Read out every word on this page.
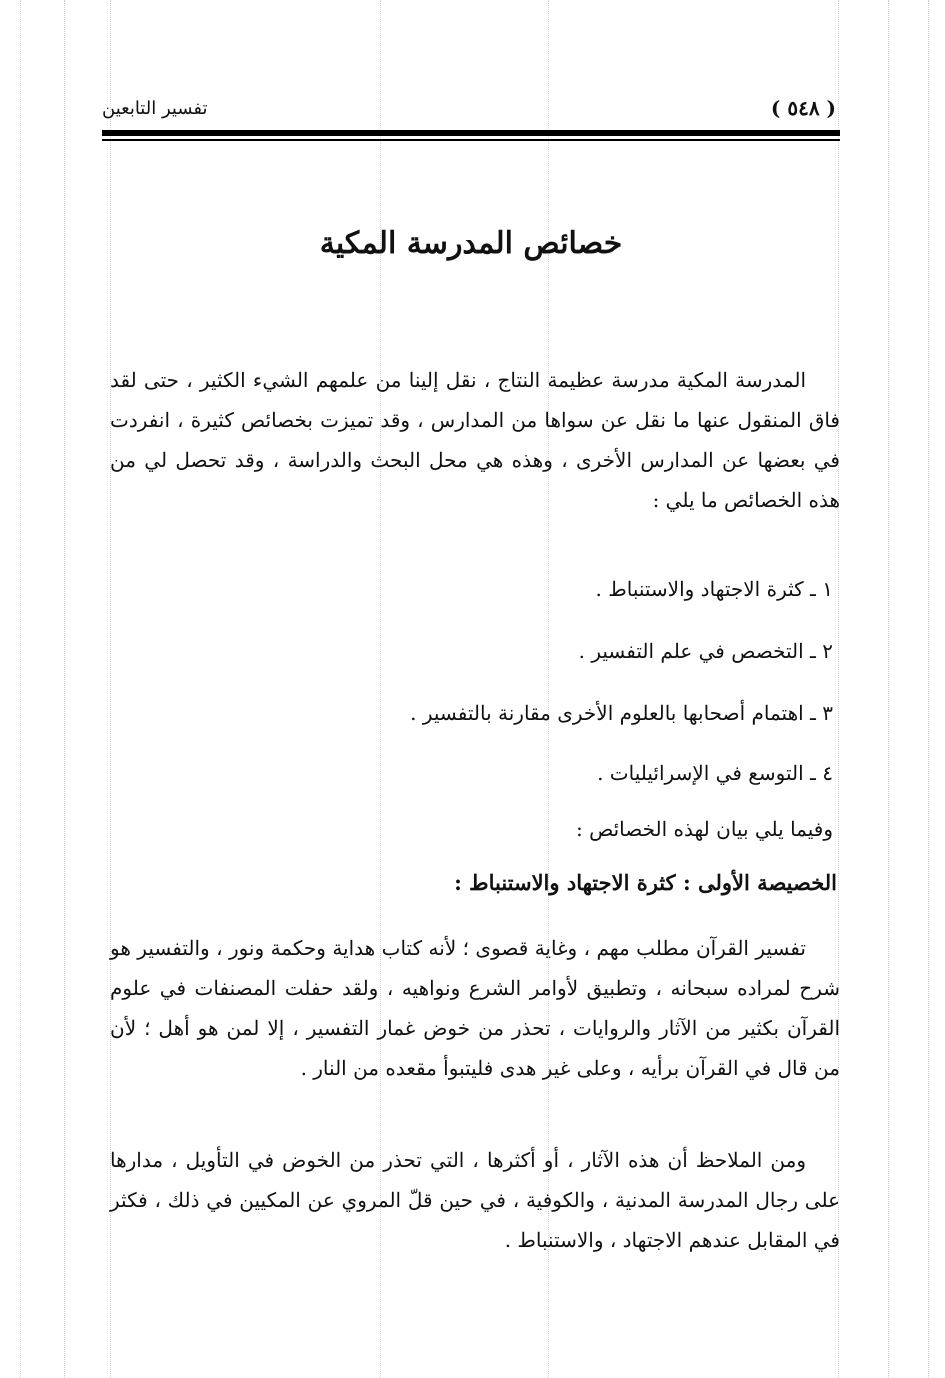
( ٥٤٨ )
تفسير التابعين
خصائص المدرسة المكية

المدرسة المكية مدرسة عظيمة النتاج ، نقل إلينا من علمهم الشيء الكثير ، حتى لقد فاق المنقول عنها ما نقل عن سواها من المدارس ، وقد تميزت بخصائص كثيرة ، انفردت في بعضها عن المدارس الأخرى ، وهذه هي محل البحث والدراسة ، وقد تحصل لي من هذه الخصائص ما يلي :

١ ـ كثرة الاجتهاد والاستنباط .
٢ ـ التخصص في علم التفسير .
٣ ـ اهتمام أصحابها بالعلوم الأخرى مقارنة بالتفسير .
٤ ـ التوسع في الإسرائيليات .
وفيما يلي بيان لهذه الخصائص :
الخصيصة الأولى : كثرة الاجتهاد والاستنباط :

تفسير القرآن مطلب مهم ، وغاية قصوى ؛ لأنه كتاب هداية وحكمة ونور ، والتفسير هو شرح لمراده سبحانه ، وتطبيق لأوامر الشرع ونواهيه ، ولقد حفلت المصنفات في علوم القرآن بكثير من الآثار والروايات ، تحذر من خوض غمار التفسير ، إلا لمن هو أهل ؛ لأن من قال في القرآن برأيه ، وعلى غير هدى فليتبوأ مقعده من النار .

ومن الملاحظ أن هذه الآثار ، أو أكثرها ، التي تحذر من الخوض في التأويل ، مدارها على رجال المدرسة المدنية ، والكوفية ، في حين قلّ المروي عن المكيين في ذلك ، فكثر في المقابل عندهم الاجتهاد ، والاستنباط .
